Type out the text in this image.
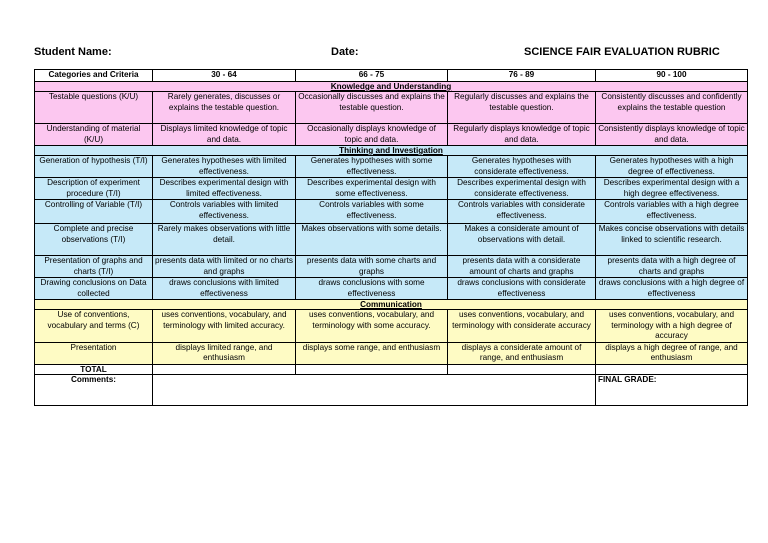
Student Name:	Date:	SCIENCE FAIR EVALUATION RUBRIC
Categories and Criteria	30 - 64	66 - 75	76 - 89	90 - 100
Knowledge and Understanding				
Testable questions (K/U)	Rarely generates, discusses or explains the testable question.	Occasionally discusses and explains the testable question.	Regularly discusses and explains the testable question.	Consistently discusses and confidently explains the testable question
Understanding of material (K/U)	Displays limited knowledge of topic and data.	Occasionally displays knowledge of topic and data.	Regularly displays knowledge of topic and data.	Consistently displays knowledge of topic and data.
Thinking and Investigation				
Generation of hypothesis (T/I)	Generates hypotheses with limited effectiveness.	Generates hypotheses with some effectiveness.	Generates hypotheses with considerate effectiveness.	Generates hypotheses with a high degree of effectiveness.
Description of experiment procedure (T/I)	Describes experimental design with limited effectiveness.	Describes experimental design with some effectiveness.	Describes experimental design with considerate effectiveness.	Describes experimental design with a high degree effectiveness.
Controlling of Variable (T/I)	Controls variables with limited effectiveness.	Controls variables with some effectiveness.	Controls variables with considerate effectiveness.	Controls variables with a high degree effectiveness.
Complete and precise observations (T/I)	Rarely makes observations with little detail.	Makes observations with some details.	Makes a considerate amount of observations with detail.	Makes concise observations with details linked to scientific research.
Presentation of graphs and charts (T/I)	presents data with limited or no charts and graphs	presents data with some charts and graphs	presents data with a considerate amount of charts and graphs	presents data with a high degree of charts and graphs
Drawing conclusions on Data collected	draws conclusions with limited effectiveness	draws conclusions with some effectiveness	draws conclusions with considerate effectiveness	draws conclusions with a high degree of effectiveness
Communication				
Use of conventions, vocabulary and terms (C)	uses conventions, vocabulary, and terminology with limited accuracy.	uses conventions, vocabulary, and terminology with some accuracy.	uses conventions, vocabulary, and terminology with considerate accuracy	uses conventions, vocabulary, and terminology with a high degree of accuracy
Presentation	displays limited range, and enthusiasm	displays some range, and enthusiasm	displays a considerate amount of range, and enthusiasm	displays a high degree of range, and enthusiasm
TOTAL				
Comments:				FINAL GRADE:
